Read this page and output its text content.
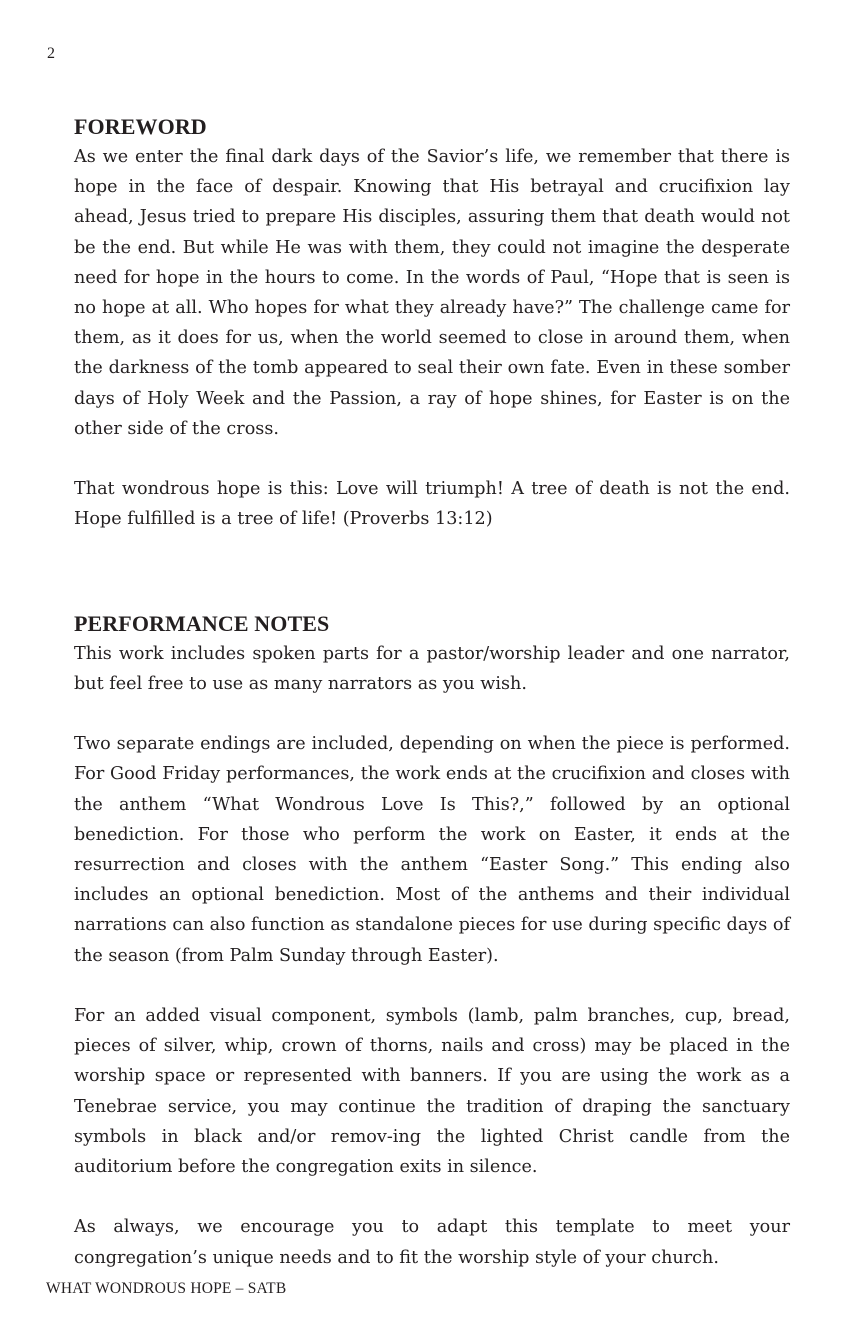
2
FOREWORD

As we enter the final dark days of the Savior’s life, we remember that there is hope in the face of despair. Knowing that His betrayal and crucifixion lay ahead, Jesus tried to prepare His disciples, assuring them that death would not be the end. But while He was with them, they could not imagine the desperate need for hope in the hours to come. In the words of Paul, “Hope that is seen is no hope at all. Who hopes for what they already have?” The challenge came for them, as it does for us, when the world seemed to close in around them, when the darkness of the tomb appeared to seal their own fate. Even in these somber days of Holy Week and the Passion, a ray of hope shines, for Easter is on the other side of the cross.

That wondrous hope is this: Love will triumph! A tree of death is not the end. Hope fulfilled is a tree of life! (Proverbs 13:12)

PERFORMANCE NOTES

This work includes spoken parts for a pastor/worship leader and one narrator, but feel free to use as many narrators as you wish.

Two separate endings are included, depending on when the piece is performed. For Good Friday performances, the work ends at the crucifixion and closes with the anthem “What Wondrous Love Is This?,” followed by an optional benediction. For those who perform the work on Easter, it ends at the resurrection and closes with the anthem “Easter Song.” This ending also includes an optional benediction. Most of the anthems and their individual narrations can also function as standalone pieces for use during specific days of the season (from Palm Sunday through Easter).

For an added visual component, symbols (lamb, palm branches, cup, bread, pieces of silver, whip, crown of thorns, nails and cross) may be placed in the worship space or represented with banners. If you are using the work as a Tenebrae service, you may continue the tradition of draping the sanctuary symbols in black and/or remov-ing the lighted Christ candle from the auditorium before the congregation exits in silence.

As always, we encourage you to adapt this template to meet your congregation’s unique needs and to fit the worship style of your church.

WHAT WONDROUS HOPE – SATB
